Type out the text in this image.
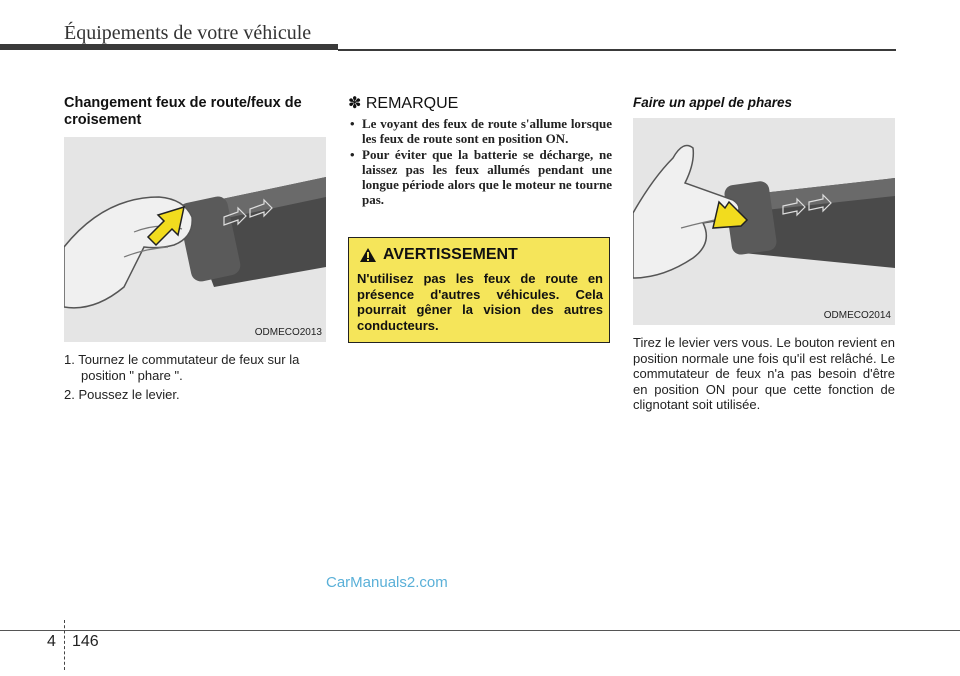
Équipements de votre véhicule
Changement feux de route/feux de croisement
ODMECO2013
1. Tournez le commutateur de feux sur la position " phare ".
2. Poussez le levier.
✽ REMARQUE
• Le voyant des feux de route s'allume lorsque les feux de route sont en position ON.
• Pour éviter que la batterie se décharge, ne laissez pas les feux allumés pendant une longue période alors que le moteur ne tourne pas.
AVERTISSEMENT
N'utilisez pas les feux de route en présence d'autres véhicules. Cela pourrait gêner la vision des autres conducteurs.
Faire un appel de phares
ODMECO2014
Tirez le levier vers vous. Le bouton revient en position normale une fois qu'il est relâché. Le commutateur de feux n'a pas besoin d'être en position ON pour que cette fonction de clignotant soit utilisée.
CarManuals2.com
4 146
